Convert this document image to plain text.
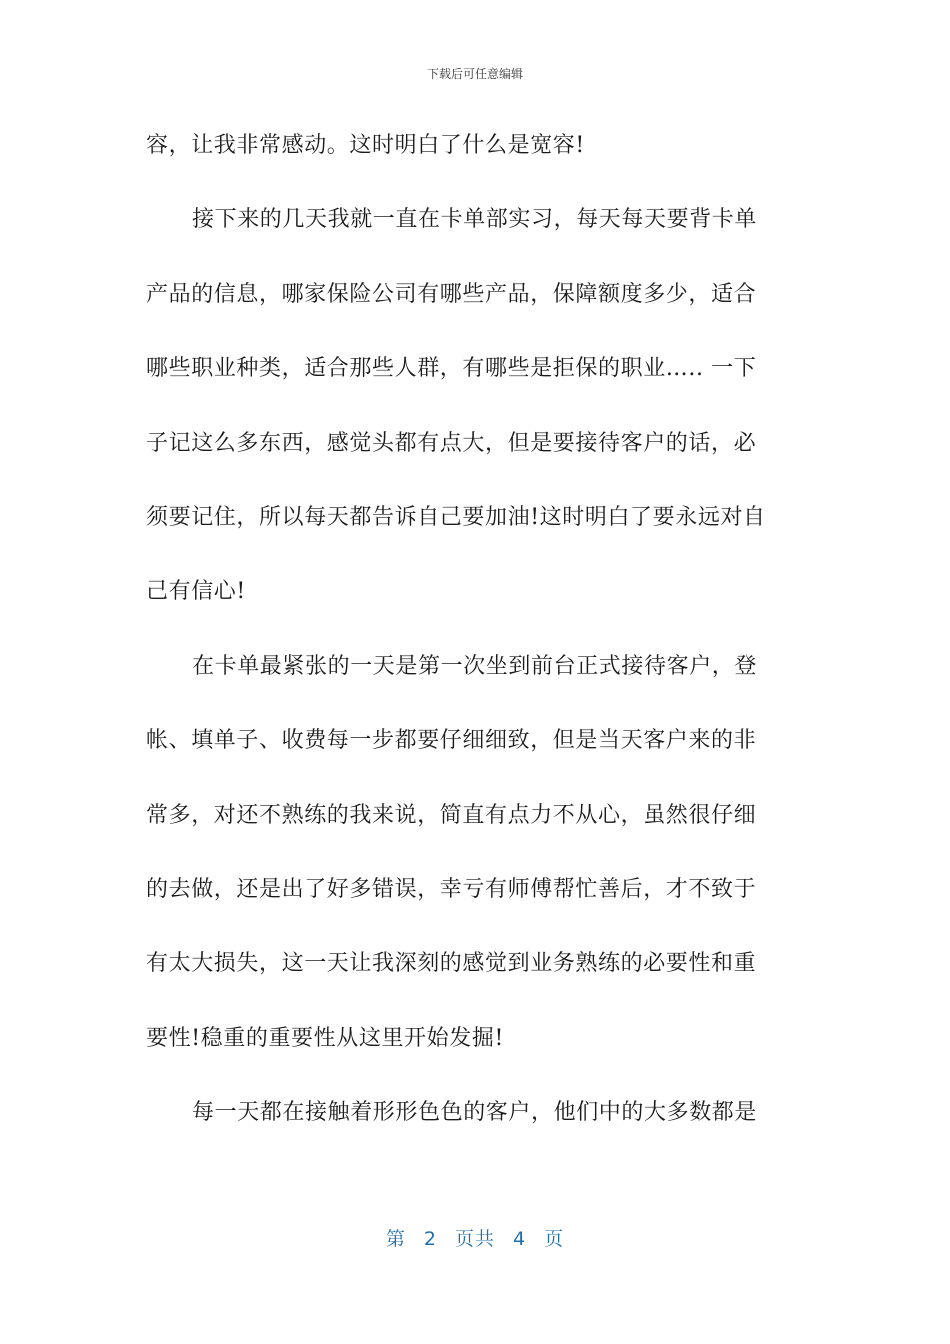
下载后可任意编辑
容，让我非常感动。这时明白了什么是宽容!
接下来的几天我就一直在卡单部实习，每天每天要背卡单
产品的信息，哪家保险公司有哪些产品，保障额度多少，适合
哪些职业种类，适合那些人群，有哪些是拒保的职业….. 一下
子记这么多东西，感觉头都有点大，但是要接待客户的话，必
须要记住，所以每天都告诉自己要加油!这时明白了要永远对自
己有信心!
在卡单最紧张的一天是第一次坐到前台正式接待客户，登
帐、填单子、收费每一步都要仔细细致，但是当天客户来的非
常多，对还不熟练的我来说，简直有点力不从心，虽然很仔细
的去做，还是出了好多错误，幸亏有师傅帮忙善后，才不致于
有太大损失，这一天让我深刻的感觉到业务熟练的必要性和重
要性!稳重的重要性从这里开始发掘!
每一天都在接触着形形色色的客户，他们中的大多数都是
第 2 页共 4 页
